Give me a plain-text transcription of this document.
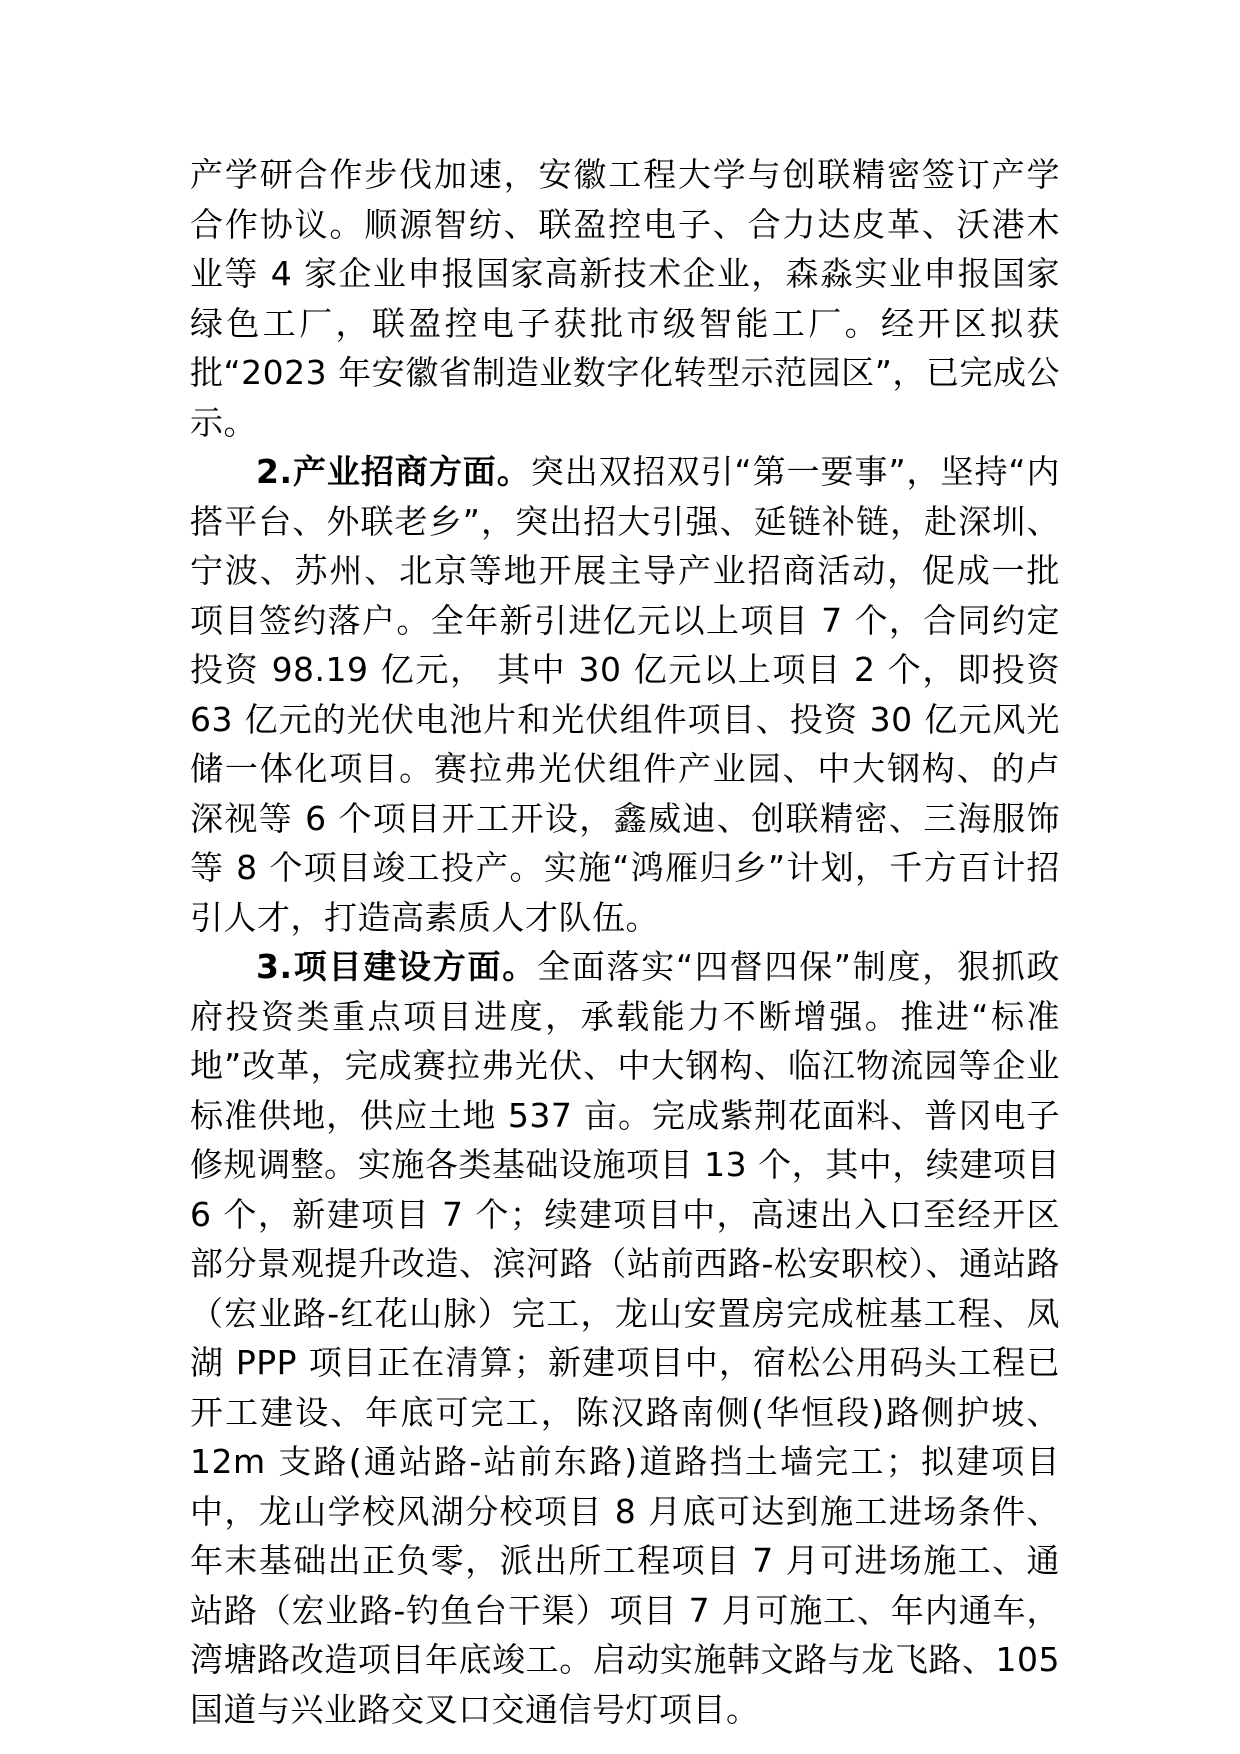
产学研合作步伐加速，安徽工程大学与创联精密签订产学合作协议。顺源智纺、联盈控电子、合力达皮革、沃港木业等 4 家企业申报国家高新技术企业，森淼实业申报国家绿色工厂，联盈控电子获批市级智能工厂。经开区拟获批“2023 年安徽省制造业数字化转型示范园区”，已完成公示。

2.产业招商方面。突出双招双引“第一要事”，坚持“内搭平台、外联老乡”，突出招大引强、延链补链，赴深圳、宁波、苏州、北京等地开展主导产业招商活动，促成一批项目签约落户。全年新引进亿元以上项目 7 个，合同约定投资 98.19 亿元， 其中 30 亿元以上项目 2 个，即投资 63 亿元的光伏电池片和光伏组件项目、投资 30 亿元风光储一体化项目。赛拉弗光伏组件产业园、中大钢构、的卢深视等 6 个项目开工开设，鑫威迪、创联精密、三海服饰等 8 个项目竣工投产。实施“鸿雁归乡”计划，千方百计招引人才，打造高素质人才队伍。

3.项目建设方面。全面落实“四督四保”制度，狠抓政府投资类重点项目进度，承载能力不断增强。推进“标准地”改革，完成赛拉弗光伏、中大钢构、临江物流园等企业标准供地，供应土地 537 亩。完成紫荆花面料、普冈电子修规调整。实施各类基础设施项目 13 个，其中，续建项目 6 个，新建项目 7 个；续建项目中，高速出入口至经开区部分景观提升改造、滨河路（站前西路-松安职校）、通站路（宏业路-红花山脉）完工，龙山安置房完成桩基工程、凤湖 PPP 项目正在清算；新建项目中，宿松公用码头工程已开工建设、年底可完工，陈汉路南侧(华恒段)路侧护坡、12m 支路(通站路-站前东路)道路挡土墙完工；拟建项目中，龙山学校风湖分校项目 8 月底可达到施工进场条件、年末基础出正负零，派出所工程项目 7 月可进场施工、通站路（宏业路-钓鱼台干渠）项目 7 月可施工、年内通车，湾塘路改造项目年底竣工。启动实施韩文路与龙飞路、105 国道与兴业路交叉口交通信号灯项目。
